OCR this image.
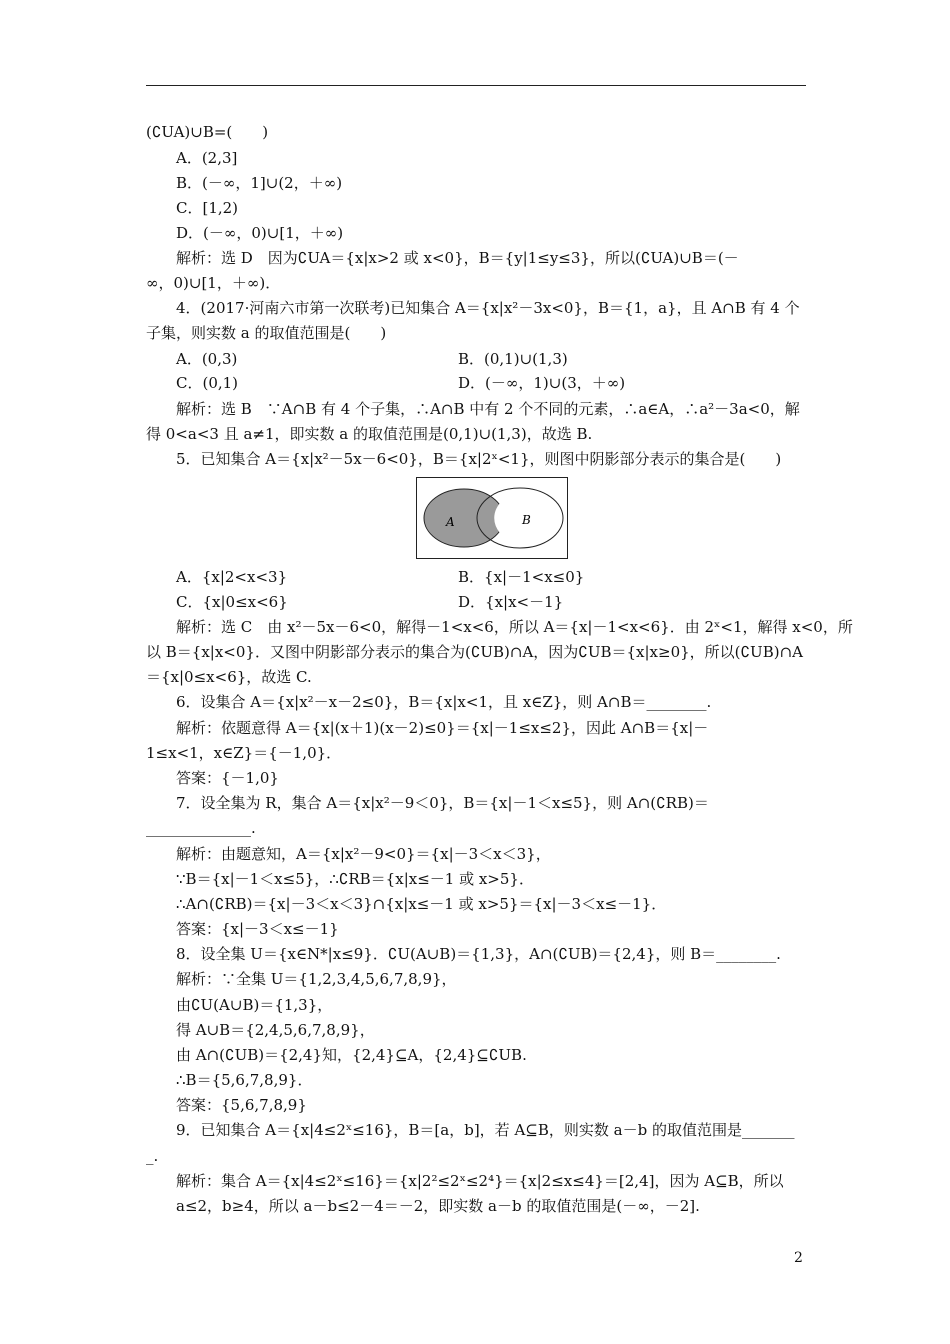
(∁UA)∪B=(　　)
A．(2,3]
B．(－∞，1]∪(2，＋∞)
C．[1,2)
D．(－∞，0)∪[1，＋∞)
解析：选 D　因为∁UA＝{x|x>2 或 x<0}，B＝{y|1≤y≤3}，所以(∁UA)∪B＝(－
∞，0)∪[1，＋∞)．
4．(2017·河南六市第一次联考)已知集合 A＝{x|x²－3x<0}，B＝{1，a}，且 A∩B 有 4 个
子集，则实数 a 的取值范围是(　　)
A．(0,3)	B．(0,1)∪(1,3)
C．(0,1)	D．(－∞，1)∪(3，＋∞)
解析：选 B　∵A∩B 有 4 个子集，∴A∩B 中有 2 个不同的元素，∴a∈A，∴a²－3a<0，解
得 0<a<3 且 a≠1，即实数 a 的取值范围是(0,1)∪(1,3)，故选 B.
5．已知集合 A＝{x|x²－5x－6<0}，B＝{x|2ˣ<1}，则图中阴影部分表示的集合是(　　)
A	B
A．{x|2<x<3}	B．{x|－1<x≤0}
C．{x|0≤x<6}	D．{x|x<－1}
解析：选 C　由 x²－5x－6<0，解得－1<x<6，所以 A＝{x|－1<x<6}．由 2ˣ<1，解得 x<0，所
以 B＝{x|x<0}．又图中阴影部分表示的集合为(∁UB)∩A，因为∁UB＝{x|x≥0}，所以(∁UB)∩A
＝{x|0≤x<6}，故选 C.
6．设集合 A＝{x|x²－x－2≤0}，B＝{x|x<1，且 x∈Z}，则 A∩B＝________.
解析：依题意得 A＝{x|(x＋1)(x－2)≤0}＝{x|－1≤x≤2}，因此 A∩B＝{x|－
1≤x<1，x∈Z}＝{－1,0}．
答案：{－1,0}
7．设全集为 R，集合 A＝{x|x²－9＜0}，B＝{x|－1＜x≤5}，则 A∩(∁RB)＝
______________.
解析：由题意知，A＝{x|x²－9<0}＝{x|－3＜x＜3}，
∵B＝{x|－1＜x≤5}，∴∁RB＝{x|x≤－1 或 x>5}．
∴A∩(∁RB)＝{x|－3＜x＜3}∩{x|x≤－1 或 x>5}＝{x|－3＜x≤－1}．
答案：{x|－3＜x≤－1}
8．设全集 U＝{x∈N*|x≤9}．∁U(A∪B)＝{1,3}，A∩(∁UB)＝{2,4}，则 B＝________.
解析：∵全集 U＝{1,2,3,4,5,6,7,8,9}，
由∁U(A∪B)＝{1,3}，
得 A∪B＝{2,4,5,6,7,8,9}，
由 A∩(∁UB)＝{2,4}知，{2,4}⊆A，{2,4}⊆∁UB.
∴B＝{5,6,7,8,9}．
答案：{5,6,7,8,9}
9．已知集合 A＝{x|4≤2ˣ≤16}，B＝[a，b]，若 A⊆B，则实数 a－b 的取值范围是_______
_.
解析：集合 A＝{x|4≤2ˣ≤16}＝{x|2²≤2ˣ≤2⁴}＝{x|2≤x≤4}＝[2,4]，因为 A⊆B，所以
a≤2，b≥4，所以 a－b≤2－4＝－2，即实数 a－b 的取值范围是(－∞，－2].
2
